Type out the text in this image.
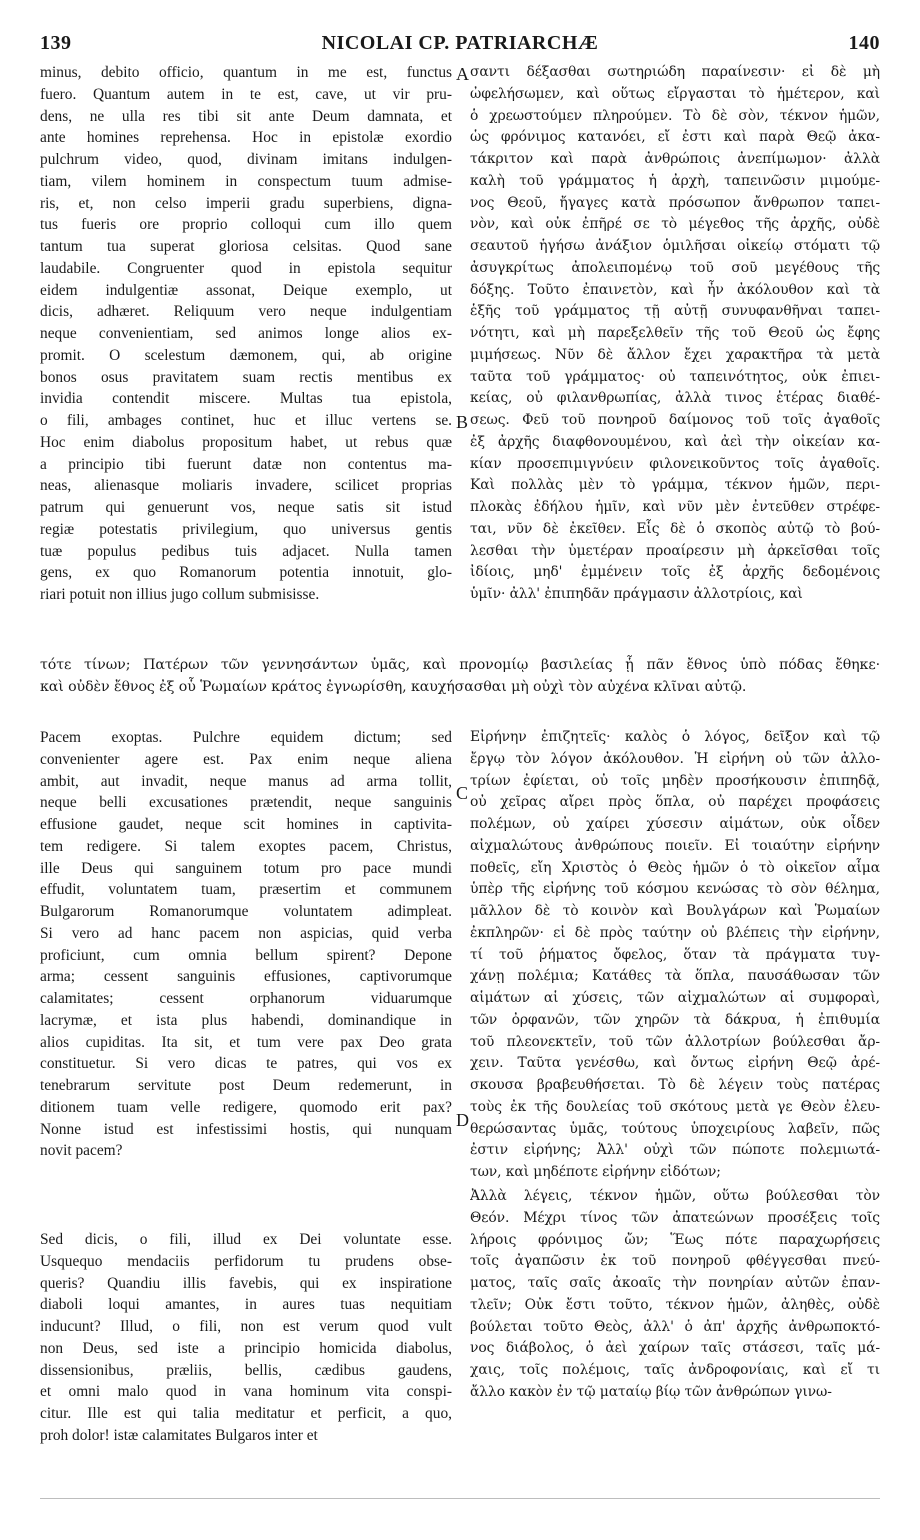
139	NICOLAI CP. PATRIARCHÆ	140
minus, debito officio, quantum in me est, functus
fuero. Quantum autem in te est, cave, ut vir pru-
dens, ne ulla res tibi sit ante Deum damnata, et
ante homines reprehensa. Hoc in epistolæ exordio
pulchrum video, quod, divinam imitans indulgen-
tiam, vilem hominem in conspectum tuum admise-
ris, et, non celso imperii gradu superbiens, digna-
tus fueris ore proprio colloqui cum illo quem
tantum tua superat gloriosa celsitas. Quod sane
laudabile. Congruenter quod in epistola sequitur
eidem indulgentiæ assonat, Deique exemplo, ut
dicis, adhæret. Reliquum vero neque indulgentiam
neque convenientiam, sed animos longe alios ex-
promit. O scelestum dæmonem, qui, ab origine
bonos osus pravitatem suam rectis mentibus ex
invidia contendit miscere. Multas tua epistola,
o fili, ambages continet, huc et illuc vertens se.
Hoc enim diabolus propositum habet, ut rebus quæ
a principio tibi fuerunt datæ non contentus ma-
neas, alienasque moliaris invadere, scilicet proprias
patrum qui genuerunt vos, neque satis sit istud
regiæ potestatis privilegium, quo universus gentis
tuæ populus pedibus tuis adjacet. Nulla tamen
gens, ex quo Romanorum potentia innotuit, glo-
riari potuit non illius jugo collum submisisse.
σαντι δέξασθαι σωτηριώδη παραίνεσιν· εἰ δὲ μὴ
ὠφελήσωμεν, καὶ οὕτως εἴργασται τὸ ἡμέτερον, καὶ
ὁ χρεωστούμεν πληρούμεν. Τὸ δὲ σὸν, τέκνον ἡμῶν,
ὡς φρόνιμος κατανόει, εἴ ἐστι καὶ παρὰ Θεῷ ἀκα-
τάκριτον καὶ παρὰ ἀνθρώποις ἀνεπίμωμον· ἀλλὰ
καλὴ τοῦ γράμματος ἡ ἀρχὴ, ταπεινῶσιν μιμούμε-
νος Θεοῦ, ἤγαγες κατὰ πρόσωπον ἄνθρωπον ταπει-
νὸν, καὶ οὐκ ἐπῆρέ σε τὸ μέγεθος τῆς ἀρχῆς, οὐδὲ
σεαυτοῦ ἡγήσω ἀνάξιον ὁμιλῆσαι οἰκείῳ στόματι τῷ
ἀσυγκρίτως ἀπολειπομένῳ τοῦ σοῦ μεγέθους τῆς
δόξης. Τοῦτο ἐπαινετὸν, καὶ ἦν ἀκόλουθον καὶ τὰ
ἑξῆς τοῦ γράμματος τῇ αὐτῇ συνυφανθῆναι ταπει-
νότητι, καὶ μὴ παρεξελθεῖν τῆς τοῦ Θεοῦ ὡς ἔφης
μιμήσεως. Νῦν δὲ ἄλλον ἔχει χαρακτῆρα τὰ μετὰ
ταῦτα τοῦ γράμματος· οὐ ταπεινότητος, οὐκ ἐπιει-
κείας, οὐ φιλανθρωπίας, ἀλλὰ τινος ἑτέρας διαθέ-
σεως. Φεῦ τοῦ πονηροῦ δαίμονος τοῦ τοῖς ἀγαθοῖς
ἐξ ἀρχῆς διαφθονουμένου, καὶ ἀεὶ τὴν οἰκείαν κα-
κίαν προσεπιμιγνύειν φιλονεικοῦντος τοῖς ἀγαθοῖς.
Καὶ πολλὰς μὲν τὸ γράμμα, τέκνον ἡμῶν, περι-
πλοκὰς ἐδήλου ἡμῖν, καὶ νῦν μὲν ἐντεῦθεν στρέφε-
ται, νῦν δὲ ἐκεῖθεν. Εἷς δὲ ὁ σκοπὸς αὐτῷ τὸ βού-
λεσθαι τὴν ὑμετέραν προαίρεσιν μὴ ἀρκεῖσθαι τοῖς
ἰδίοις, μηδ' ἐμμένειν τοῖς ἐξ ἀρχῆς δεδομένοις
ὑμῖν· ἀλλ' ἐπιπηδᾶν πράγμασιν ἀλλοτρίοις, καὶ
A
B
τότε τίνων; Πατέρων τῶν γεννησάντων ὑμᾶς, καὶ προνομίῳ βασιλείας ᾗ πᾶν ἔθνος ὑπὸ πόδας ἔθηκε·
καὶ οὐδὲν ἔθνος ἐξ οὗ Ῥωμαίων κράτος ἐγνωρίσθη, καυχήσασθαι μὴ οὐχὶ τὸν αὐχένα κλῖναι αὐτῷ.
Pacem exoptas. Pulchre equidem dictum; sed
convenienter agere est. Pax enim neque aliena
ambit, aut invadit, neque manus ad arma tollit,
neque belli excusationes prætendit, neque sanguinis
effusione gaudet, neque scit homines in captivita-
tem redigere. Si talem exoptes pacem, Christus,
ille Deus qui sanguinem totum pro pace mundi
effudit, voluntatem tuam, præsertim et communem
Bulgarorum Romanorumque voluntatem adimpleat.
Si vero ad hanc pacem non aspicias, quid verba
proficiunt, cum omnia bellum spirent? Depone
arma; cessent sanguinis effusiones, captivorumque
calamitates; cessent orphanorum viduarumque
lacrymæ, et ista plus habendi, dominandique in
alios cupiditas. Ita sit, et tum vere pax Deo grata
constituetur. Si vero dicas te patres, qui vos ex
tenebrarum servitute post Deum redemerunt, in
ditionem tuam velle redigere, quomodo erit pax?
Nonne istud est infestissimi hostis, qui nunquam
novit pacem?
Sed dicis, o fili, illud ex Dei voluntate esse.
Usquequo mendaciis perfidorum tu prudens obse-
queris? Quandiu illis favebis, qui ex inspiratione
diaboli loqui amantes, in aures tuas nequitiam
inducunt? Illud, o fili, non est verum quod vult
non Deus, sed iste a principio homicida diabolus,
dissensionibus, præliis, bellis, cædibus gaudens,
et omni malo quod in vana hominum vita conspi-
citur. Ille est qui talia meditatur et perficit, a quo,
proh dolor! istæ calamitates Bulgaros inter et
Εἰρήνην ἐπιζητεῖς· καλὸς ὁ λόγος, δεῖξον καὶ τῷ
ἔργῳ τὸν λόγον ἀκόλουθον. Ἡ εἰρήνη οὐ τῶν ἀλλο-
τρίων ἐφίεται, οὐ τοῖς μηδὲν προσήκουσιν ἐπιπηδᾷ,
οὐ χεῖρας αἴρει πρὸς ὅπλα, οὐ παρέχει προφάσεις
πολέμων, οὐ χαίρει χύσεσιν αἱμάτων, οὐκ οἶδεν
αἰχμαλώτους ἀνθρώπους ποιεῖν. Εἰ τοιαύτην εἰρήνην
ποθεῖς, εἴη Χριστὸς ὁ Θεὸς ἡμῶν ὁ τὸ οἰκεῖον αἷμα
ὑπὲρ τῆς εἰρήνης τοῦ κόσμου κενώσας τὸ σὸν θέλημα,
μᾶλλον δὲ τὸ κοινὸν καὶ Βουλγάρων καὶ Ῥωμαίων
ἐκπληρῶν· εἰ δὲ πρὸς ταύτην οὐ βλέπεις τὴν εἰρήνην,
τί τοῦ ῥήματος ὄφελος, ὅταν τὰ πράγματα τυγ-
χάνῃ πολέμια; Κατάθες τὰ ὅπλα, παυσάθωσαν τῶν
αἱμάτων αἱ χύσεις, τῶν αἰχμαλώτων αἱ συμφοραὶ,
τῶν ὀρφανῶν, τῶν χηρῶν τὰ δάκρυα, ἡ ἐπιθυμία
τοῦ πλεονεκτεῖν, τοῦ τῶν ἀλλοτρίων βούλεσθαι ἄρ-
χειν. Ταῦτα γενέσθω, καὶ ὄντως εἰρήνη Θεῷ ἀρέ-
σκουσα βραβευθήσεται. Τὸ δὲ λέγειν τοὺς πατέρας
τοὺς ἐκ τῆς δουλείας τοῦ σκότους μετὰ γε Θεὸν ἐλευ-
θερώσαντας ὑμᾶς, τούτους ὑποχειρίους λαβεῖν, πῶς
ἐστιν εἰρήνης; Ἀλλ' οὐχὶ τῶν πώποτε πολεμιωτά-
των, καὶ μηδέποτε εἰρήνην εἰδότων;
Ἀλλὰ λέγεις, τέκνον ἡμῶν, οὕτω βούλεσθαι τὸν
Θεόν. Μέχρι τίνος τῶν ἀπατεώνων προσέξεις τοῖς
λήροις φρόνιμος ὤν; Ἕως πότε παραχωρήσεις
τοῖς ἀγαπῶσιν ἐκ τοῦ πονηροῦ φθέγγεσθαι πνεύ-
ματος, ταῖς σαῖς ἀκοαῖς τὴν πονηρίαν αὐτῶν ἐπαν-
τλεῖν; Οὐκ ἔστι τοῦτο, τέκνον ἡμῶν, ἀληθὲς, οὐδὲ
βούλεται τοῦτο Θεὸς, ἀλλ' ὁ ἀπ' ἀρχῆς ἀνθρωποκτό-
νος διάβολος, ὁ ἀεὶ χαίρων ταῖς στάσεσι, ταῖς μά-
χαις, τοῖς πολέμοις, ταῖς ἀνδροφονίαις, καὶ εἴ τι
ἄλλο κακὸν ἐν τῷ ματαίῳ βίῳ τῶν ἀνθρώπων γινω-
C
D
